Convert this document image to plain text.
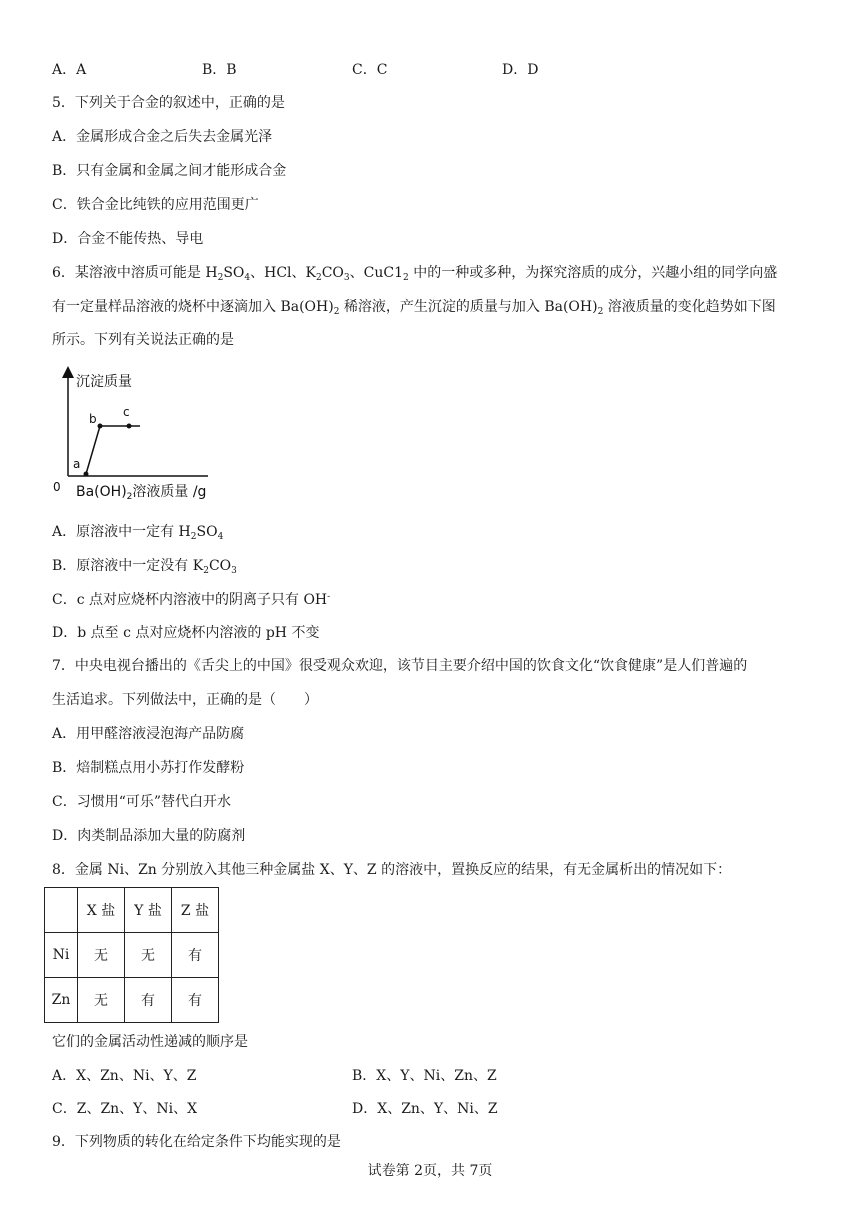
A．A	B．B	C．C	D．D
5．下列关于合金的叙述中，正确的是
A．金属形成合金之后失去金属光泽
B．只有金属和金属之间才能形成合金
C．铁合金比纯铁的应用范围更广
D．合金不能传热、导电
6．某溶液中溶质可能是 $H_2SO_4$、HCl、$K_2CO_3$、$CuC1_2$ 中的一种或多种，为探究溶质的成分，兴趣小组的同学向盛
有一定量样品溶液的烧杯中逐滴加入 $Ba(OH)_2$ 稀溶液，产生沉淀的质量与加入 $Ba(OH)_2$ 溶液质量的变化趋势如下图
所示。下列有关说法正确的是
沉淀质量
0
a
b c
$Ba(OH)_2$溶液质量 /g
A．原溶液中一定有 $H_2SO_4$
B．原溶液中一定没有 $K_2CO_3$
C．c 点对应烧杯内溶液中的阴离子只有 OH-
D．b 点至 c 点对应烧杯内溶液的 pH 不变
7．中央电视台播出的《舌尖上的中国》很受观众欢迎，该节目主要介绍中国的饮食文化“饮食健康”是人们普遍的
生活追求。下列做法中，正确的是（　　）
A．用甲醛溶液浸泡海产品防腐
B．焙制糕点用小苏打作发酵粉
C．习惯用“可乐”替代白开水
D．肉类制品添加大量的防腐剂
8．金属 Ni、Zn 分别放入其他三种金属盐 X、Y、Z 的溶液中，置换反应的结果，有无金属析出的情况如下：
	X 盐	Y 盐	Z 盐
Ni	无	无	有
Zn	无	有	有
它们的金属活动性递减的顺序是
A．X、Zn、Ni、Y、Z	B．X、Y、Ni、Zn、Z
C．Z、Zn、Y、Ni、X	D．X、Zn、Y、Ni、Z
9．下列物质的转化在给定条件下均能实现的是
试卷第 2页，共 7页
